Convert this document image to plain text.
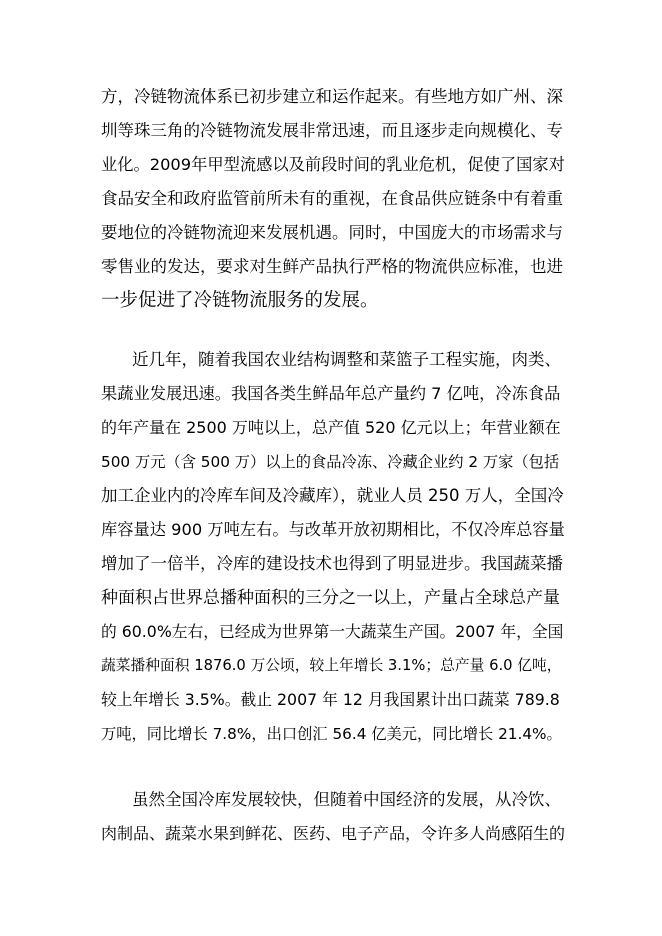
方，冷链物流体系已初步建立和运作起来。有些地方如广州、深
圳等珠三角的冷链物流发展非常迅速，而且逐步走向规模化、专
业化。2009年甲型流感以及前段时间的乳业危机，促使了国家对
食品安全和政府监管前所未有的重视，在食品供应链条中有着重
要地位的冷链物流迎来发展机遇。同时，中国庞大的市场需求与
零售业的发达，要求对生鲜产品执行严格的物流供应标准，也进
一步促进了冷链物流服务的发展。
近几年，随着我国农业结构调整和菜篮子工程实施，肉类、
果蔬业发展迅速。我国各类生鲜品年总产量约 7 亿吨，冷冻食品
的年产量在 2500 万吨以上，总产值 520 亿元以上；年营业额在
500 万元（含 500 万）以上的食品冷冻、冷藏企业约 2 万家（包括
加工企业内的冷库车间及冷藏库），就业人员 250 万人，全国冷
库容量达 900 万吨左右。与改革开放初期相比，不仅冷库总容量
增加了一倍半，冷库的建设技术也得到了明显进步。我国蔬菜播
种面积占世界总播种面积的三分之一以上，产量占全球总产量
的 60.0%左右，已经成为世界第一大蔬菜生产国。2007 年，全国
蔬菜播种面积 1876.0 万公顷，较上年增长 3.1%；总产量 6.0 亿吨，
较上年增长 3.5%。截止 2007 年 12 月我国累计出口蔬菜 789.8
万吨，同比增长 7.8%，出口创汇 56.4 亿美元，同比增长 21.4%。
虽然全国冷库发展较快，但随着中国经济的发展，从冷饮、
肉制品、蔬菜水果到鲜花、医药、电子产品，令许多人尚感陌生的
